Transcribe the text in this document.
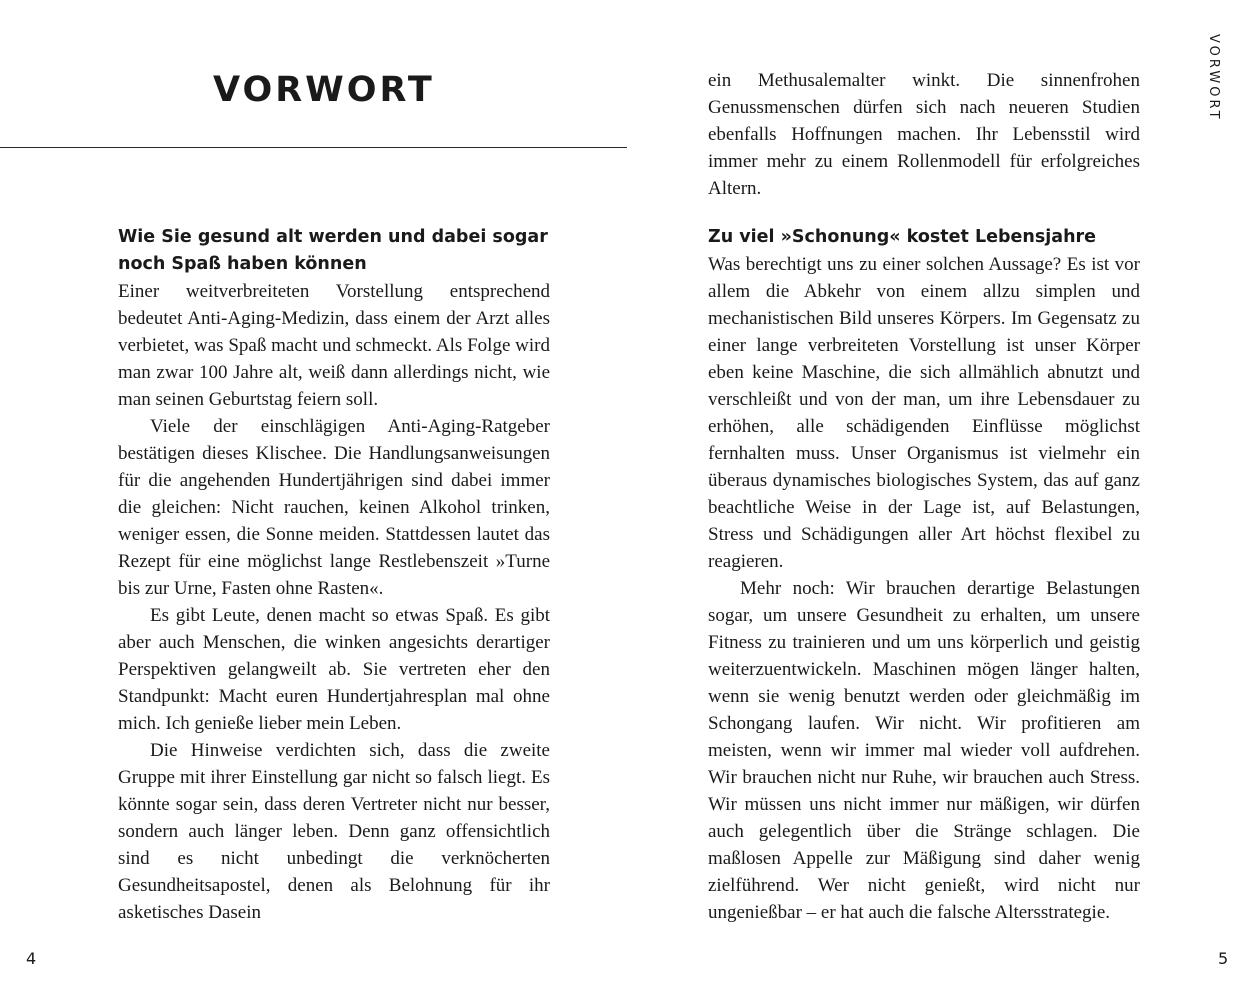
VORWORT
Wie Sie gesund alt werden und dabei sogar noch Spaß haben können

Einer weitverbreiteten Vorstellung entsprechend bedeutet Anti-Aging-Medizin, dass einem der Arzt alles verbietet, was Spaß macht und schmeckt. Als Folge wird man zwar 100 Jahre alt, weiß dann allerdings nicht, wie man seinen Geburtstag feiern soll.

Viele der einschlägigen Anti-Aging-Ratgeber bestätigen dieses Klischee. Die Handlungsanweisungen für die angehenden Hundertjährigen sind dabei immer die gleichen: Nicht rauchen, keinen Alkohol trinken, weniger essen, die Sonne meiden. Stattdessen lautet das Rezept für eine möglichst lange Restlebenszeit »Turne bis zur Urne, Fasten ohne Rasten«.

Es gibt Leute, denen macht so etwas Spaß. Es gibt aber auch Menschen, die winken angesichts derartiger Perspektiven gelangweilt ab. Sie vertreten eher den Standpunkt: Macht euren Hundertjahresplan mal ohne mich. Ich genieße lieber mein Leben.

Die Hinweise verdichten sich, dass die zweite Gruppe mit ihrer Einstellung gar nicht so falsch liegt. Es könnte sogar sein, dass deren Vertreter nicht nur besser, sondern auch länger leben. Denn ganz offensichtlich sind es nicht unbedingt die verknöcherten Gesundheitsapostel, denen als Belohnung für ihr asketisches Dasein

4
VORWORT

ein Methusalemalter winkt. Die sinnenfrohen Genussmenschen dürfen sich nach neueren Studien ebenfalls Hoffnungen machen. Ihr Lebensstil wird immer mehr zu einem Rollenmodell für erfolgreiches Altern.

Zu viel »Schonung« kostet Lebensjahre

Was berechtigt uns zu einer solchen Aussage? Es ist vor allem die Abkehr von einem allzu simplen und mechanistischen Bild unseres Körpers. Im Gegensatz zu einer lange verbreiteten Vorstellung ist unser Körper eben keine Maschine, die sich allmählich abnutzt und verschleißt und von der man, um ihre Lebensdauer zu erhöhen, alle schädigenden Einflüsse möglichst fernhalten muss. Unser Organismus ist vielmehr ein überaus dynamisches biologisches System, das auf ganz beachtliche Weise in der Lage ist, auf Belastungen, Stress und Schädigungen aller Art höchst flexibel zu reagieren.

Mehr noch: Wir brauchen derartige Belastungen sogar, um unsere Gesundheit zu erhalten, um unsere Fitness zu trainieren und um uns körperlich und geistig weiterzuentwickeln. Maschinen mögen länger halten, wenn sie wenig benutzt werden oder gleichmäßig im Schongang laufen. Wir nicht. Wir profitieren am meisten, wenn wir immer mal wieder voll aufdrehen. Wir brauchen nicht nur Ruhe, wir brauchen auch Stress. Wir müssen uns nicht immer nur mäßigen, wir dürfen auch gelegentlich über die Stränge schlagen. Die maßlosen Appelle zur Mäßigung sind daher wenig zielführend. Wer nicht genießt, wird nicht nur ungenießbar – er hat auch die falsche Altersstrategie.

5
